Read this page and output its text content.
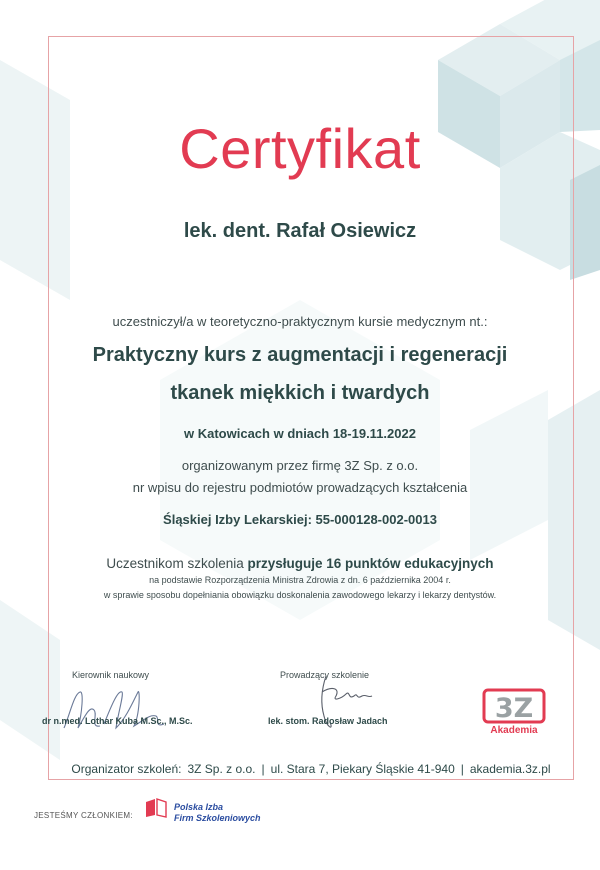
Certyfikat
lek. dent. Rafał Osiewicz
uczestniczył/a w teoretyczno-praktycznym kursie medycznym nt.:
Praktyczny kurs z augmentacji i regeneracji
tkanek miękkich i twardych
w Katowicach w dniach 18-19.11.2022
organizowanym przez firmę 3Z Sp. z o.o.
nr wpisu do rejestru podmiotów prowadzących kształcenia
Śląskiej Izby Lekarskiej: 55-000128-002-0013
Uczestnikom szkolenia przysługuje 16 punktów edukacyjnych
na podstawie Rozporządzenia Ministra Zdrowia z dn. 6 października 2004 r.
w sprawie sposobu dopełniania obowiązku doskonalenia zawodowego lekarzy i lekarzy dentystów.
Kierownik naukowy
dr n.med. Lothar Kuba M.Sc., M.Sc.
Prowadzący szkolenie
lek. stom. Radosław Jadach	3Z
Akademia
Organizator szkoleń: 3Z Sp. z o.o. | ul. Stara 7, Piekary Śląskie 41-940 | akademia.3z.pl
JESTEŚMY CZŁONKIEM:
Polska Izba
Firm Szkoleniowych
